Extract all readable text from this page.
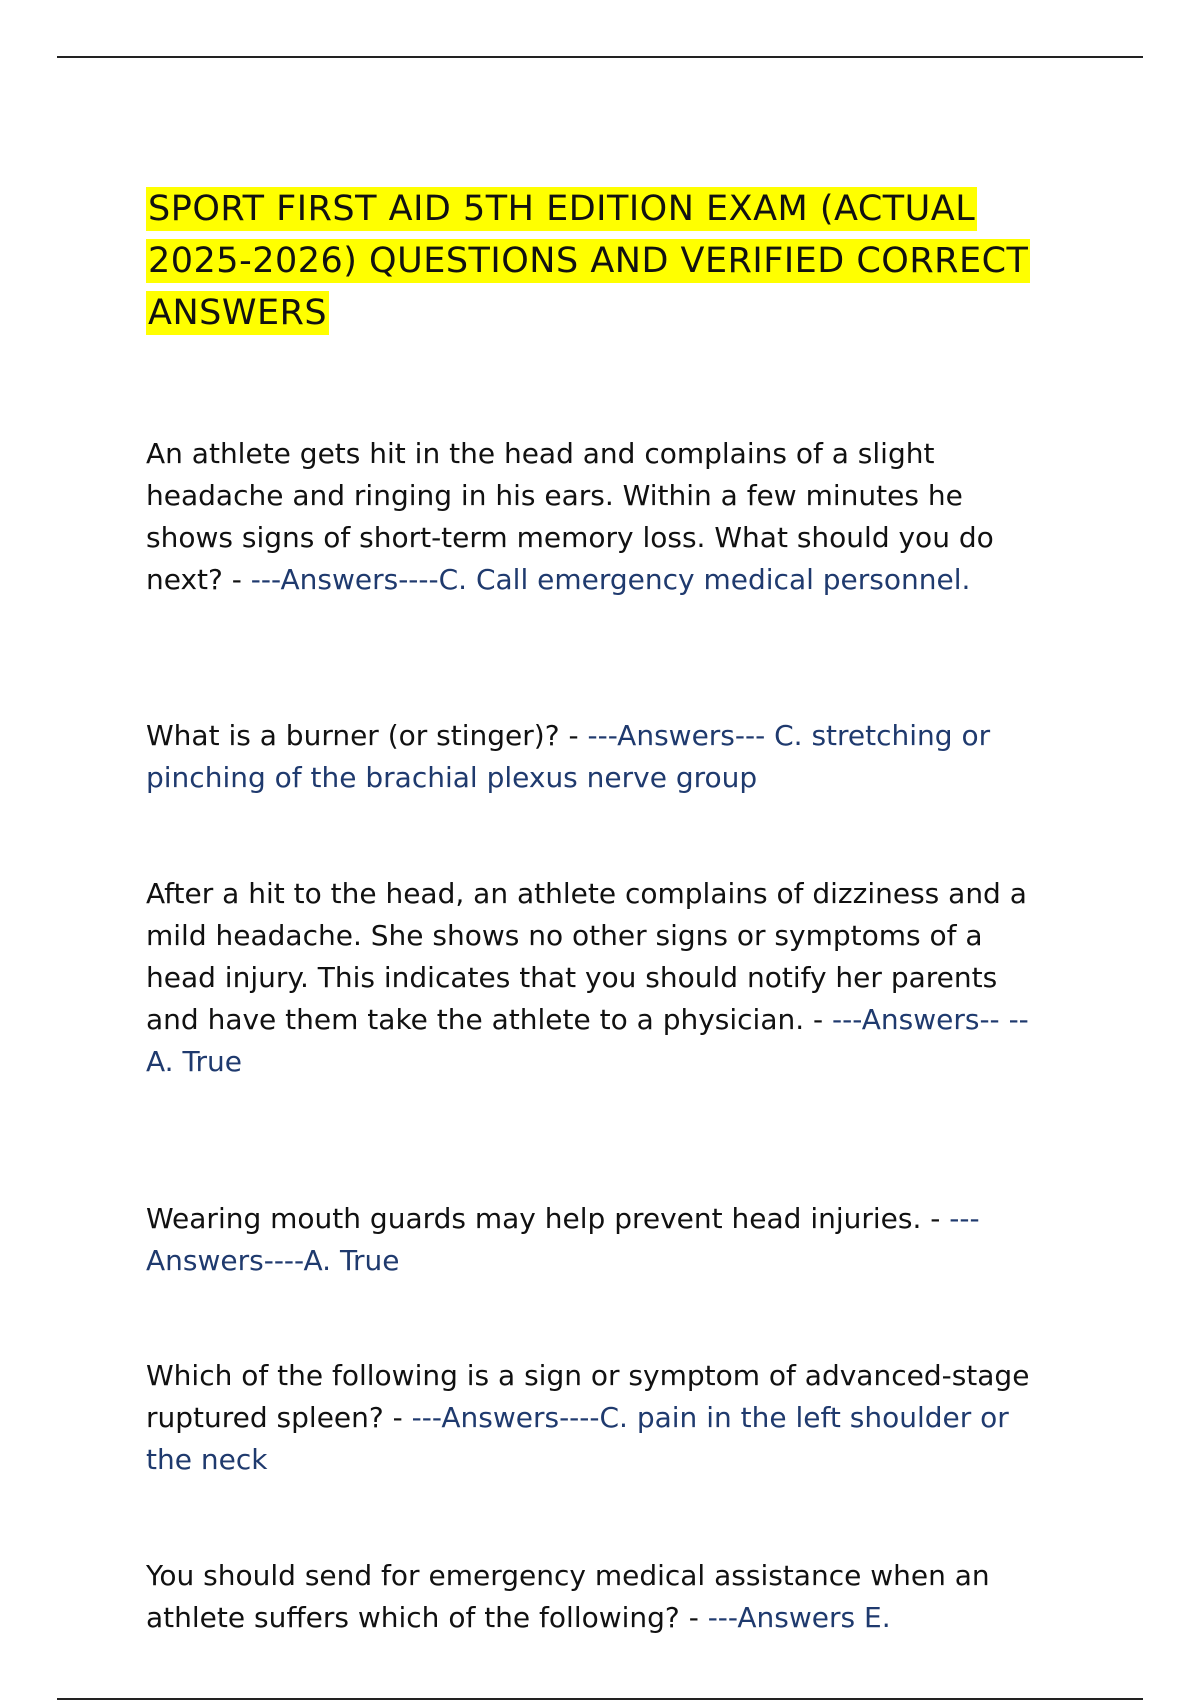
SPORT FIRST AID 5TH EDITION EXAM (ACTUAL 2025-2026) QUESTIONS AND VERIFIED CORRECT ANSWERS

An athlete gets hit in the head and complains of a slight headache and ringing in his ears. Within a few minutes he shows signs of short-term memory loss. What should you do next? - ---Answers----C. Call emergency medical personnel.

What is a burner (or stinger)? - ---Answers--- C. stretching or pinching of the brachial plexus nerve group

After a hit to the head, an athlete complains of dizziness and a mild headache. She shows no other signs or symptoms of a head injury. This indicates that you should notify her parents and have them take the athlete to a physician. - ---Answers-- --A. True

Wearing mouth guards may help prevent head injuries. - ---Answers----A. True

Which of the following is a sign or symptom of advanced-stage ruptured spleen? - ---Answers----C. pain in the left shoulder or the neck

You should send for emergency medical assistance when an athlete suffers which of the following? - ---Answers E.
